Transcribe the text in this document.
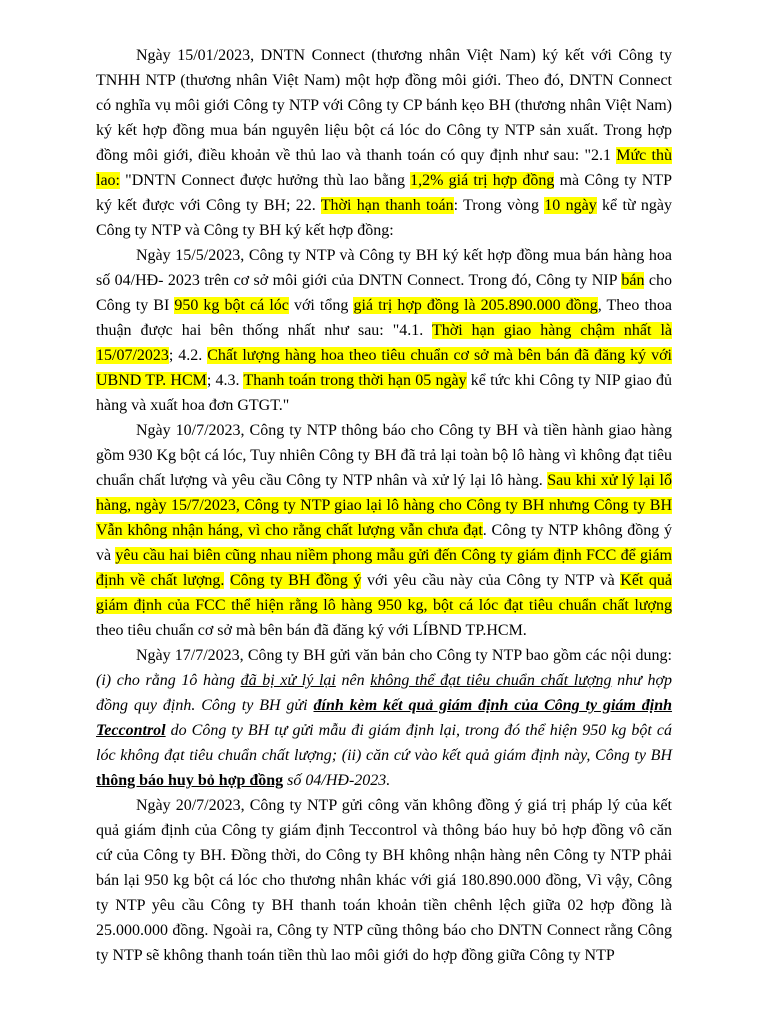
Ngày 15/01/2023, DNTN Connect (thương nhân Việt Nam) ký kết với Công ty TNHH NTP (thương nhân Việt Nam) một hợp đồng môi giới. Theo đó, DNTN Connect có nghĩa vụ môi giới Công ty NTP với Công ty CP bánh kẹo BH (thương nhân Việt Nam) ký kết hợp đồng mua bán nguyên liệu bột cá lóc do Công ty NTP sản xuất. Trong hợp đồng môi giới, điều khoản về thủ lao và thanh toán có quy định như sau: "2.1 Mức thù lao: "DNTN Connect được hưởng thù lao bằng 1,2% giá trị hợp đồng mà Công ty NTP ký kết được với Công ty BH; 22. Thời hạn thanh toán: Trong vòng 10 ngày kể từ ngày Công ty NTP và Công ty BH ký kết hợp đồng:

Ngày 15/5/2023, Công ty NTP và Công ty BH ký kết hợp đồng mua bán hàng hoa số 04/HĐ- 2023 trên cơ sở môi giới của DNTN Connect. Trong đó, Công ty NIP bán cho Công ty BI 950 kg bột cá lóc với tổng giá trị hợp đồng là 205.890.000 đồng, Theo thoa thuận được hai bên thống nhất như sau: "4.1. Thời hạn giao hàng chậm nhất là 15/07/2023; 4.2. Chất lượng hàng hoa theo tiêu chuẩn cơ sở mà bên bán đã đăng ký với UBND TP. HCM; 4.3. Thanh toán trong thời hạn 05 ngày kể tức khi Công ty NIP giao đủ hàng và xuất hoa đơn GTGT."

Ngày 10/7/2023, Công ty NTP thông báo cho Công ty BH và tiền hành giao hàng gồm 930 Kg bột cá lóc, Tuy nhiên Công ty BH đã trả lại toàn bộ lô hàng vì không đạt tiêu chuẩn chất lượng và yêu cầu Công ty NTP nhân và xử lý lại lô hàng. Sau khi xử lý lại lổ hàng, ngày 15/7/2023, Công ty NTP giao lại lô hàng cho Công ty BH nhưng Công ty BH Vẫn không nhận háng, vì cho rằng chất lượng vẫn chưa đạt. Công ty NTP không đồng ý và yêu cầu hai biên cũng nhau niềm phong mẫu gửi đến Công ty giám định FCC để giám định về chất lượng. Công ty BH đồng ý với yêu cầu này của Công ty NTP và Kết quả giám định của FCC thể hiện rằng lô hàng 950 kg, bột cá lóc đạt tiêu chuẩn chất lượng theo tiêu chuẩn cơ sở mà bên bán đã đăng ký với LÍBND TP.HCM.

Ngày 17/7/2023, Công ty BH gửi văn bản cho Công ty NTP bao gồm các nội dung: (i) cho rằng 1ô hàng đã bị xử lý lại nên không thể đạt tiêu chuẩn chất lượng như hợp đồng quy định. Công ty BH gửi đính kèm kết quả giám định của Công ty giám định Teccontrol do Công ty BH tự gửi mẫu đi giám định lại, trong đó thể hiện 950 kg bột cá lóc không đạt tiêu chuẩn chất lượng; (ii) căn cứ vào kết quả giám định này, Công ty BH thông báo huy bỏ hợp đồng số 04/HĐ-2023.

Ngày 20/7/2023, Công ty NTP gửi công văn không đồng ý giá trị pháp lý của kết quả giám định của Công ty giám định Teccontrol và thông báo huy bỏ hợp đồng vô căn cứ của Công ty BH. Đồng thời, do Công ty BH không nhận hàng nên Công ty NTP phải bán lại 950 kg bột cá lóc cho thương nhân khác với giá 180.890.000 đồng, Vì vậy, Công ty NTP yêu cầu Công ty BH thanh toán khoản tiền chênh lệch giữa 02 hợp đồng là 25.000.000 đồng. Ngoài ra, Công ty NTP cũng thông báo cho DNTN Connect rằng Công ty NTP sẽ không thanh toán tiền thù lao môi giới do hợp đồng giữa Công ty NTP
